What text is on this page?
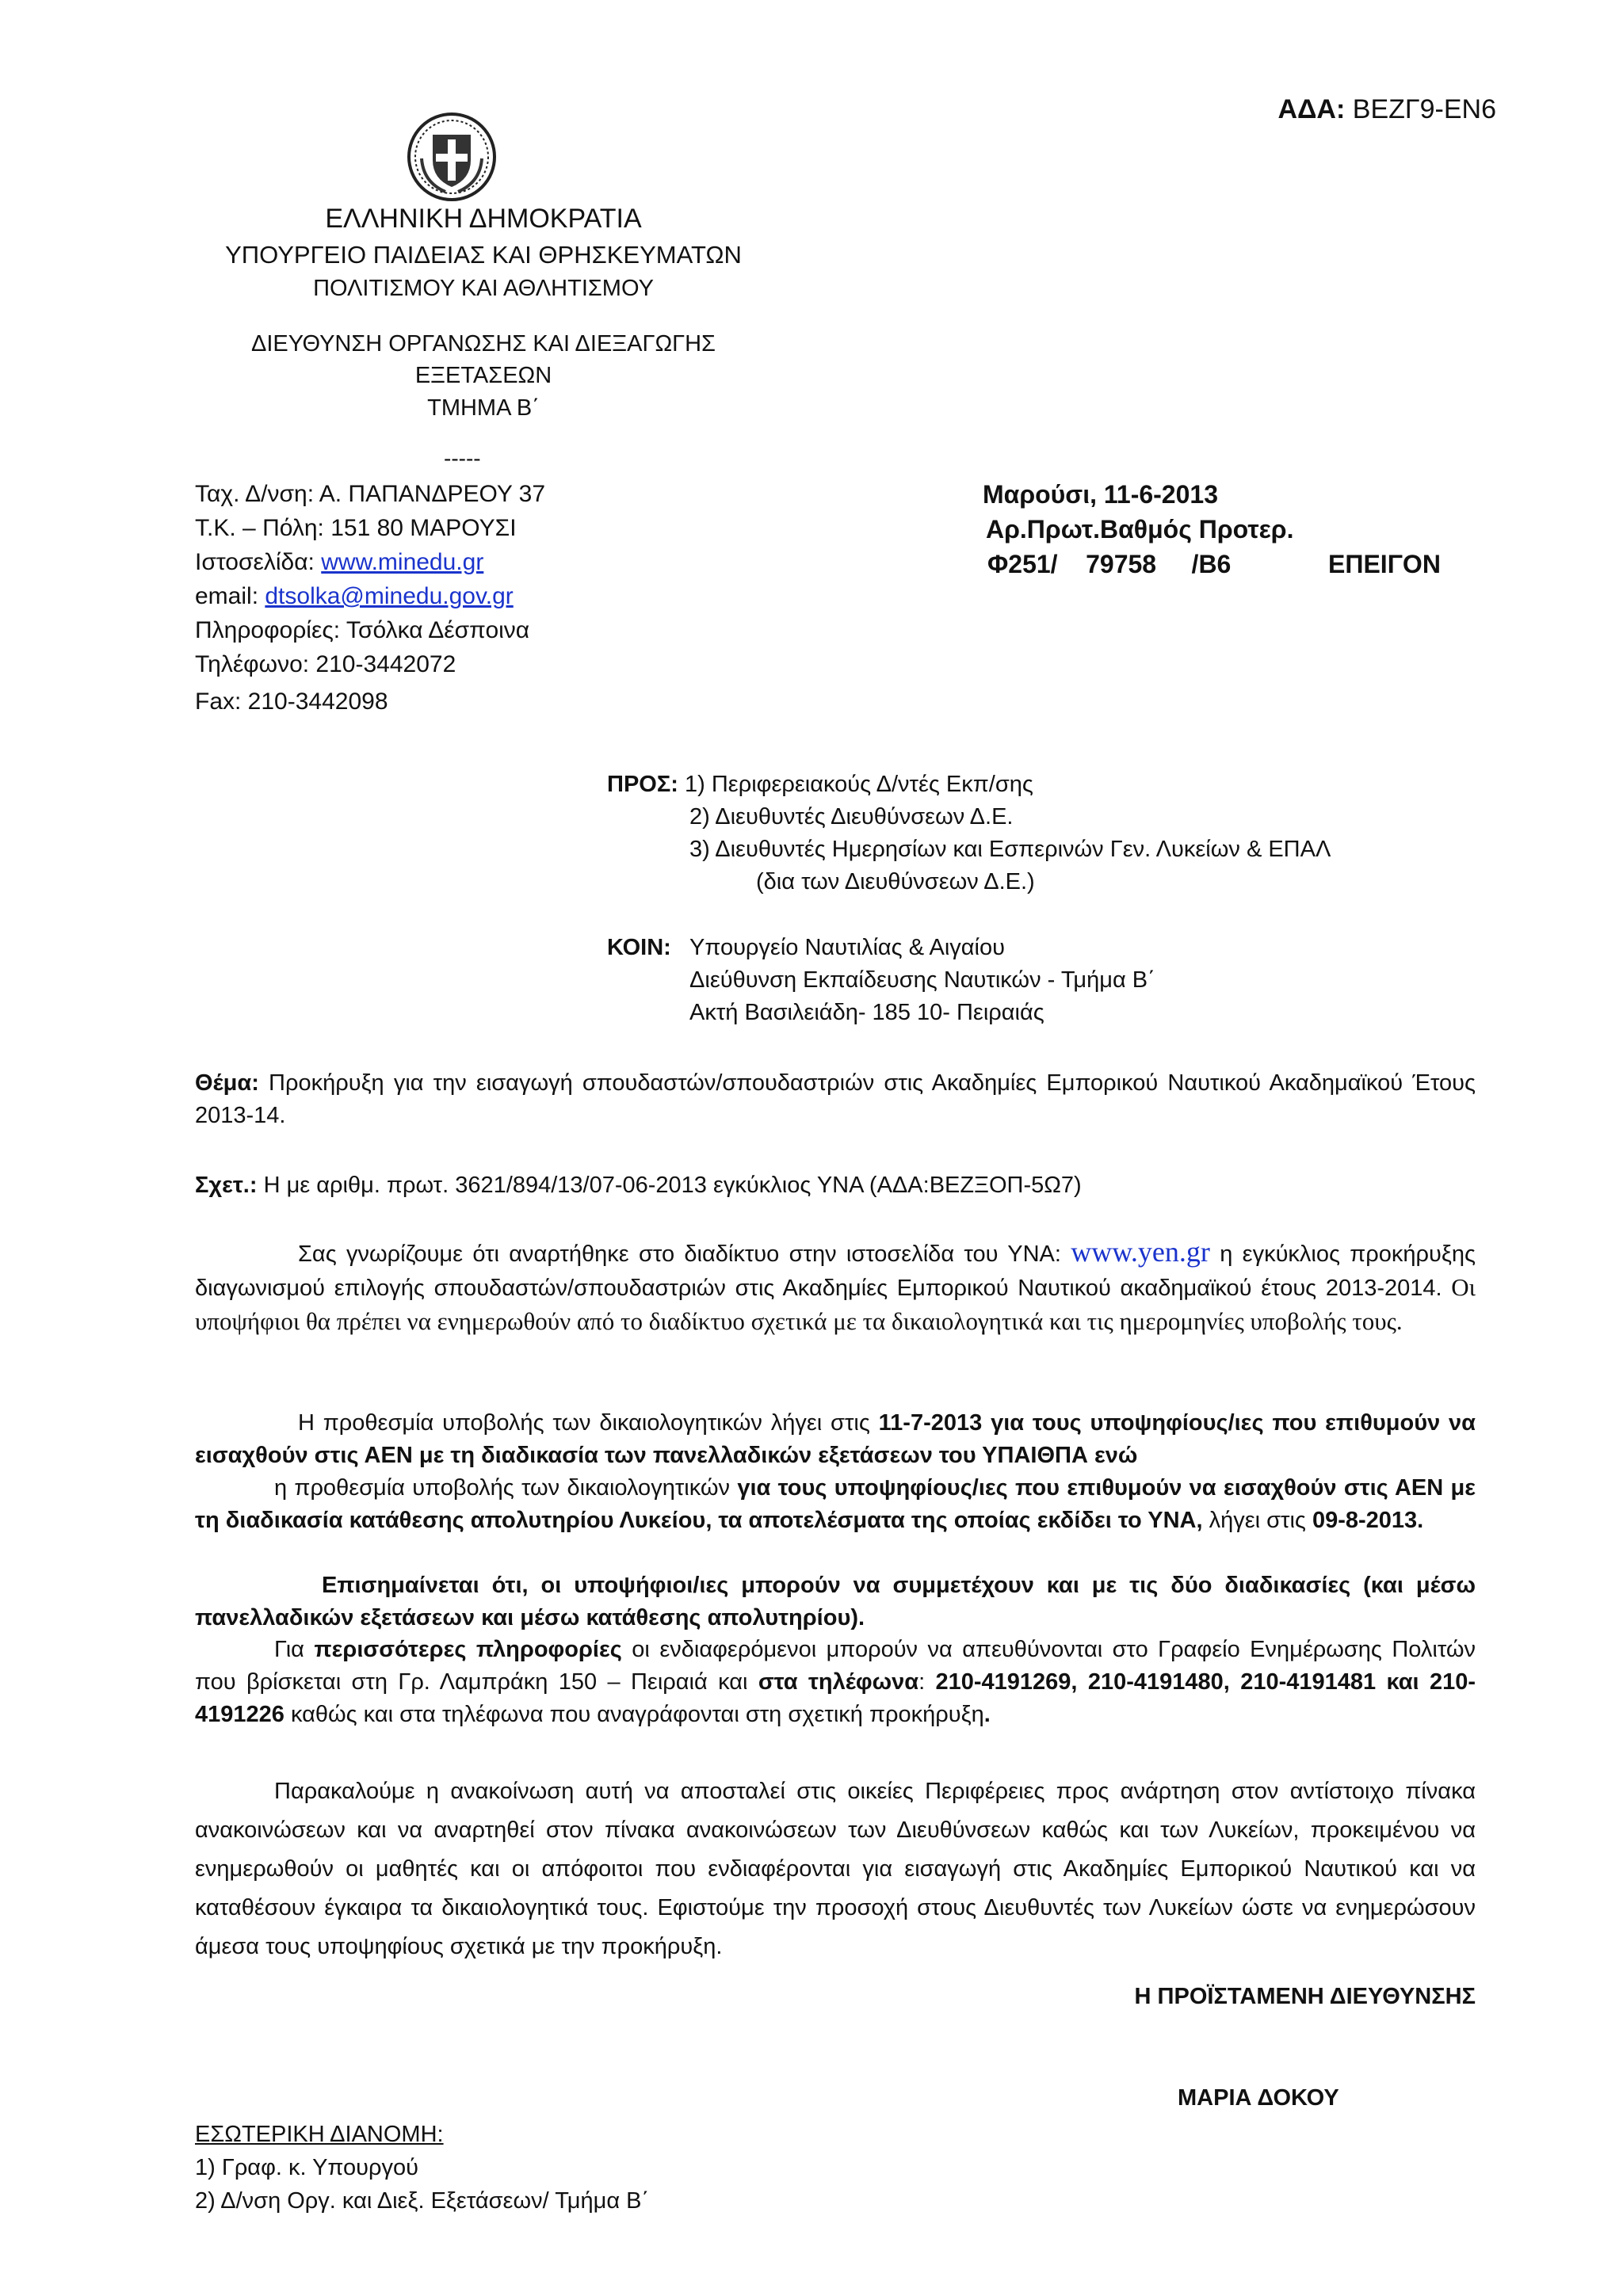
ΑΔΑ: ΒΕΖΓ9-ΕΝ6
ΕΛΛΗΝΙΚΗ ΔΗΜΟΚΡΑΤΙΑ
ΥΠΟΥΡΓΕΙΟ ΠΑΙΔΕΙΑΣ ΚΑΙ ΘΡΗΣΚΕΥΜΑΤΩΝ
ΠΟΛΙΤΙΣΜΟΥ ΚΑΙ ΑΘΛΗΤΙΣΜΟΥ
ΔΙΕΥΘΥΝΣΗ ΟΡΓΑΝΩΣΗΣ ΚΑΙ ΔΙΕΞΑΓΩΓΗΣ ΕΞΕΤΑΣΕΩΝ
ΤΜΗΜΑ Β΄
-----
Ταχ. Δ/νση: Α. ΠΑΠΑΝΔΡΕΟΥ 37
Τ.Κ. – Πόλη: 151 80 ΜΑΡΟΥΣΙ
Ιστοσελίδα: www.minedu.gr
email: dtsolka@minedu.gov.gr
Πληροφορίες: Τσόλκα Δέσποινα
Τηλέφωνο: 210-3442072
Fax: 210-3442098
Μαρούσι, 11-6-2013
Αρ.Πρωτ.Βαθμός Προτερ.
Φ251/    79758     /Β6	ΕΠΕΙΓΟΝ
ΠΡΟΣ: 1) Περιφερειακούς Δ/ντές Εκπ/σης
2) Διευθυντές Διευθύνσεων Δ.Ε.
3) Διευθυντές Ημερησίων και Εσπερινών Γεν. Λυκείων & ΕΠΑΛ
(δια των Διευθύνσεων Δ.Ε.)
ΚΟΙΝ: Υπουργείο Ναυτιλίας & Αιγαίου
Διεύθυνση Εκπαίδευσης Ναυτικών - Τμήμα Β΄
Ακτή Βασιλειάδη- 185 10- Πειραιάς
Θέμα: Προκήρυξη για την εισαγωγή σπουδαστών/σπουδαστριών στις Ακαδημίες Εμπορικού Ναυτικού Ακαδημαϊκού Έτους 2013-14.
Σχετ.: Η με αριθμ. πρωτ. 3621/894/13/07-06-2013 εγκύκλιος ΥΝΑ (ΑΔΑ:ΒΕΖΞΟΠ-5Ω7)
Σας γνωρίζουμε ότι αναρτήθηκε στο διαδίκτυο στην ιστοσελίδα του ΥΝΑ: www.yen.gr η εγκύκλιος προκήρυξης διαγωνισμού επιλογής σπουδαστών/σπουδαστριών στις Ακαδημίες Εμπορικού Ναυτικού ακαδημαϊκού έτους 2013-2014. Οι υποψήφιοι θα πρέπει να ενημερωθούν από το διαδίκτυο σχετικά με τα δικαιολογητικά και τις ημερομηνίες υποβολής τους.
Η προθεσμία υποβολής των δικαιολογητικών λήγει στις 11-7-2013 για τους υποψηφίους/ιες που επιθυμούν να εισαχθούν στις ΑΕΝ με τη διαδικασία των πανελλαδικών εξετάσεων του ΥΠΑΙΘΠΑ ενώ
η προθεσμία υποβολής των δικαιολογητικών για τους υποψηφίους/ιες που επιθυμούν να εισαχθούν στις ΑΕΝ με τη διαδικασία κατάθεσης απολυτηρίου Λυκείου, τα αποτελέσματα της οποίας εκδίδει το ΥΝΑ, λήγει στις 09-8-2013.
Επισημαίνεται ότι, οι υποψήφιοι/ιες μπορούν να συμμετέχουν και με τις δύο διαδικασίες (και μέσω πανελλαδικών εξετάσεων και μέσω κατάθεσης απολυτηρίου).
Για περισσότερες πληροφορίες οι ενδιαφερόμενοι μπορούν να απευθύνονται στο Γραφείο Ενημέρωσης Πολιτών που βρίσκεται στη Γρ. Λαμπράκη 150 – Πειραιά και στα τηλέφωνα: 210-4191269, 210-4191480, 210-4191481 και 210-4191226 καθώς και στα τηλέφωνα που αναγράφονται στη σχετική προκήρυξη.
Παρακαλούμε η ανακοίνωση αυτή να αποσταλεί στις οικείες Περιφέρειες προς ανάρτηση στον αντίστοιχο πίνακα ανακοινώσεων και να αναρτηθεί στον πίνακα ανακοινώσεων των Διευθύνσεων καθώς και των Λυκείων, προκειμένου να ενημερωθούν οι μαθητές και οι απόφοιτοι που ενδιαφέρονται για εισαγωγή στις Ακαδημίες Εμπορικού Ναυτικού και να καταθέσουν έγκαιρα τα δικαιολογητικά τους. Εφιστούμε την προσοχή στους Διευθυντές των Λυκείων ώστε να ενημερώσουν άμεσα τους υποψηφίους σχετικά με την προκήρυξη.
Η ΠΡΟΪΣΤΑΜΕΝΗ ΔΙΕΥΘΥΝΣΗΣ
ΜΑΡΙΑ ΔΟΚΟΥ
ΕΣΩΤΕΡΙΚΗ ΔΙΑΝΟΜΗ:
1) Γραφ. κ. Υπουργού
2) Δ/νση Οργ. και Διεξ. Εξετάσεων/ Τμήμα Β΄
